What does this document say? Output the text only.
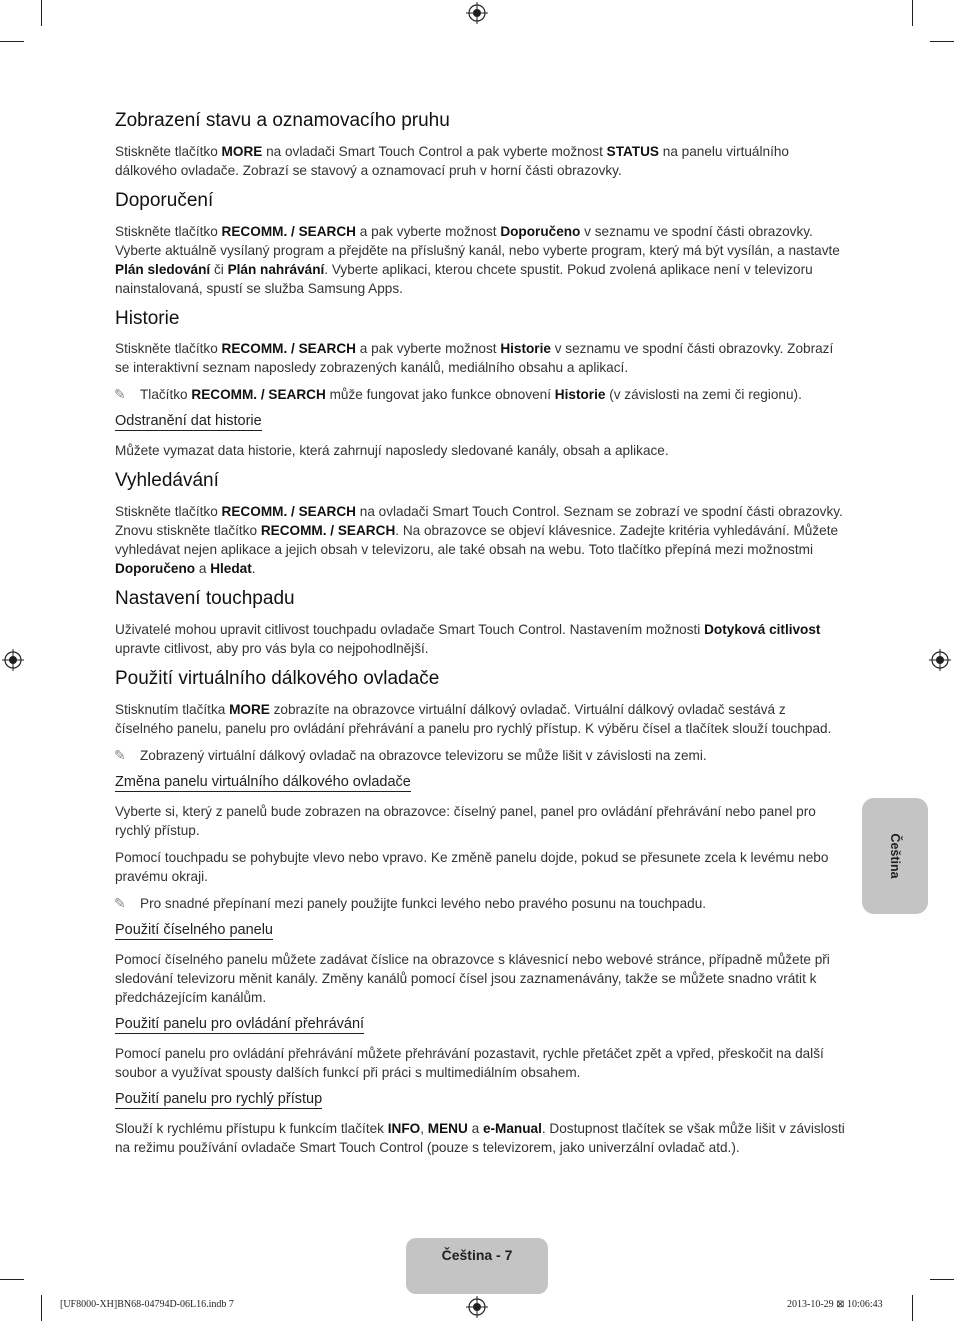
Zobrazení stavu a oznamovacího pruhu

Stiskněte tlačítko MORE na ovladači Smart Touch Control a pak vyberte možnost STATUS na panelu virtuálního dálkového ovladače. Zobrazí se stavový a oznamovací pruh v horní části obrazovky.

Doporučení

Stiskněte tlačítko RECOMM. / SEARCH a pak vyberte možnost Doporučeno v seznamu ve spodní části obrazovky. Vyberte aktuálně vysílaný program a přejděte na příslušný kanál, nebo vyberte program, který má být vysílán, a nastavte Plán sledování či Plán nahrávání. Vyberte aplikaci, kterou chcete spustit. Pokud zvolená aplikace není v televizoru nainstalovaná, spustí se služba Samsung Apps.

Historie

Stiskněte tlačítko RECOMM. / SEARCH a pak vyberte možnost Historie v seznamu ve spodní části obrazovky. Zobrazí se interaktivní seznam naposledy zobrazených kanálů, mediálního obsahu a aplikací.

✎ Tlačítko RECOMM. / SEARCH může fungovat jako funkce obnovení Historie (v závislosti na zemi či regionu).

Odstranění dat historie

Můžete vymazat data historie, která zahrnují naposledy sledované kanály, obsah a aplikace.

Vyhledávání

Stiskněte tlačítko RECOMM. / SEARCH na ovladači Smart Touch Control. Seznam se zobrazí ve spodní části obrazovky. Znovu stiskněte tlačítko RECOMM. / SEARCH. Na obrazovce se objeví klávesnice. Zadejte kritéria vyhledávání. Můžete vyhledávat nejen aplikace a jejich obsah v televizoru, ale také obsah na webu. Toto tlačítko přepíná mezi možnostmi Doporučeno a Hledat.

Nastavení touchpadu

Uživatelé mohou upravit citlivost touchpadu ovladače Smart Touch Control. Nastavením možnosti Dotyková citlivost upravte citlivost, aby pro vás byla co nejpohodlnější.

Použití virtuálního dálkového ovladače

Stisknutím tlačítka MORE zobrazíte na obrazovce virtuální dálkový ovladač. Virtuální dálkový ovladač sestává z číselného panelu, panelu pro ovládání přehrávání a panelu pro rychlý přístup. K výběru čísel a tlačítek slouží touchpad.

✎ Zobrazený virtuální dálkový ovladač na obrazovce televizoru se může lišit v závislosti na zemi.

Změna panelu virtuálního dálkového ovladače

Vyberte si, který z panelů bude zobrazen na obrazovce: číselný panel, panel pro ovládání přehrávání nebo panel pro rychlý přístup.

Pomocí touchpadu se pohybujte vlevo nebo vpravo. Ke změně panelu dojde, pokud se přesunete zcela k levému nebo pravému okraji.

✎ Pro snadné přepínaní mezi panely použijte funkci levého nebo pravého posunu na touchpadu.

Použití číselného panelu

Pomocí číselného panelu můžete zadávat číslice na obrazovce s klávesnicí nebo webové stránce, případně můžete při sledování televizoru měnit kanály. Změny kanálů pomocí čísel jsou zaznamenávány, takže se můžete snadno vrátit k předcházejícím kanálům.

Použití panelu pro ovládání přehrávání

Pomocí panelu pro ovládání přehrávání můžete přehrávání pozastavit, rychle přetáčet zpět a vpřed, přeskočit na další soubor a využívat spousty dalších funkcí při práci s multimediálním obsahem.

Použití panelu pro rychlý přístup

Slouží k rychlému přístupu k funkcím tlačítek INFO, MENU a e-Manual. Dostupnost tlačítek se však může lišit v závislosti na režimu používání ovladače Smart Touch Control (pouze s televizorem, jako univerzální ovladač atd.).

Čeština
Čeština - 7
[UF8000-XH]BN68-04794D-06L16.indb 7	2013-10-29 ⊠ 10:06:43
